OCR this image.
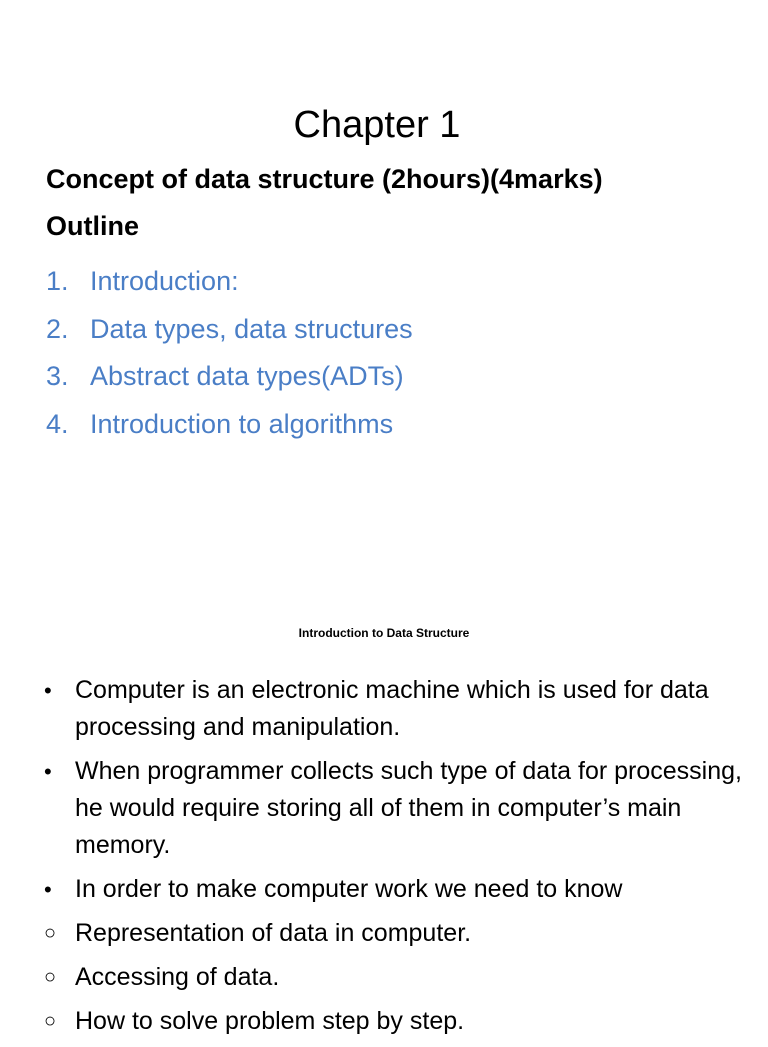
Chapter 1

Concept of data structure (2hours)(4marks)

Outline

1. Introduction:
2. Data types, data structures
3. Abstract data types(ADTs)
4. Introduction to algorithms

Introduction to Data Structure

• Computer is an electronic machine which is used for data processing and manipulation.
• When programmer collects such type of data for processing, he would require storing all of them in computer’s main memory.
• In order to make computer work we need to know
○ Representation of data in computer.
○ Accessing of data.
○ How to solve problem step by step.
